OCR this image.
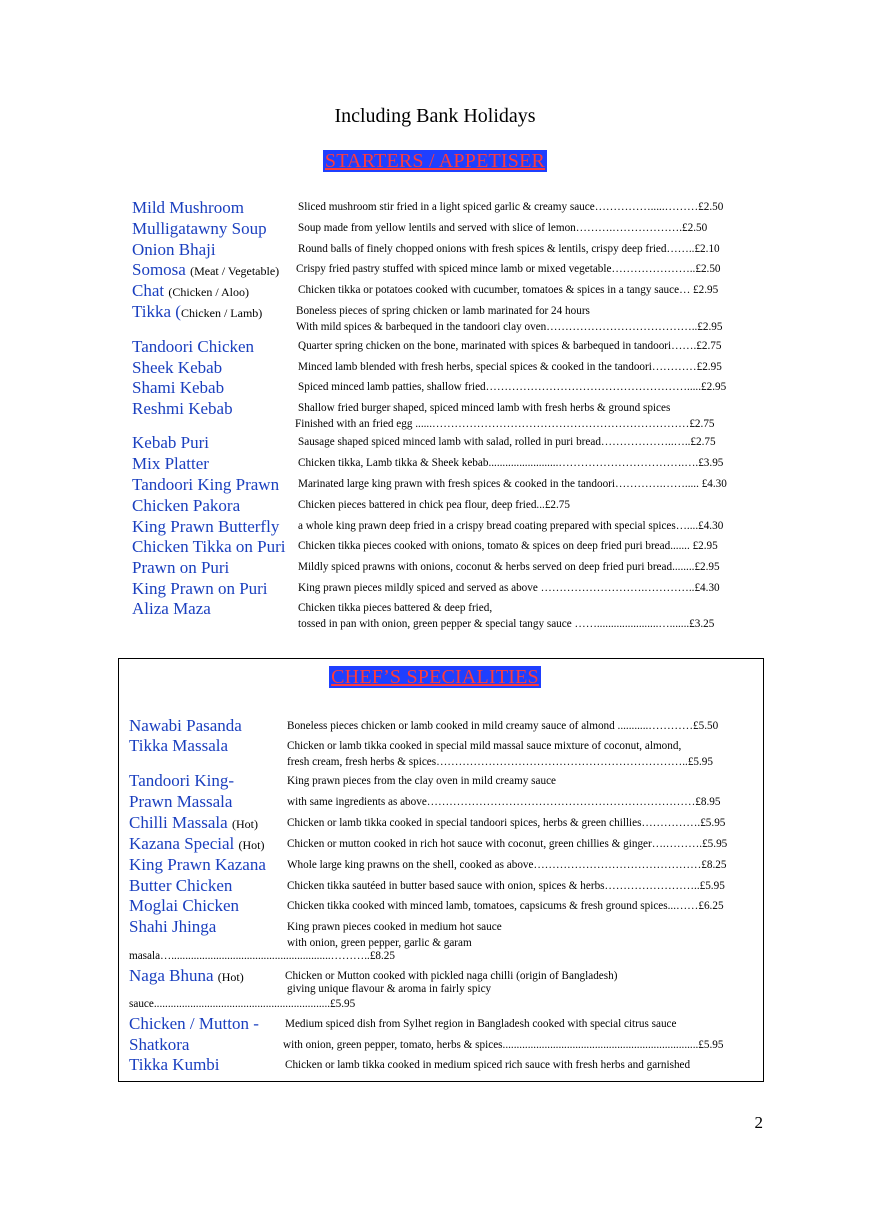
Including Bank Holidays
STARTERS / APPETISER
Mild Mushroom	Sliced mushroom stir fried in a light spiced garlic & creamy sauce…………….....………£2.50
Mulligatawny Soup	Soup made from yellow lentils and served with slice of lemon……….……………….£2.50
Onion Bhaji	Round balls of finely chopped onions with fresh spices & lentils, crispy deep fried……..£2.10
Somosa (Meat / Vegetable) Crispy fried pastry stuffed with spiced mince lamb or mixed vegetable…………………..£2.50
Chat (Chicken / Aloo)	Chicken tikka or potatoes cooked with cucumber, tomatoes & spices in a tangy sauce… £2.95
Tikka (Chicken / Lamb)	Boneless pieces of spring chicken or lamb marinated for 24 hours
With mild spices & barbequed in the tandoori clay oven…………………………………..£2.95
Tandoori Chicken	Quarter spring chicken on the bone, marinated with spices & barbequed in tandoori…….£2.75
Sheek Kebab	Minced lamb blended with fresh herbs, special spices & cooked in the tandoori…………£2.95
Shami Kebab	Spiced minced lamb patties, shallow fried……………………………………………….....£2.95
Reshmi Kebab	Shallow fried burger shaped, spiced minced lamb with fresh herbs & ground spices
Finished with an fried egg ......……………………………………………………………£2.75
Kebab Puri	Sausage shaped spiced minced lamb with salad, rolled in puri bread………………..…..£2.75
Mix Platter	Chicken tikka, Lamb tikka & Sheek kebab.........................…………………………….….£3.95
Tandoori King Prawn Marinated large king prawn with fresh spices & cooked in the tandoori………….……..... £4.30
Chicken Pakora	Chicken pieces battered in chick pea flour, deep fried...£2.75
King Prawn Butterfly a whole king prawn deep fried in a crispy bread coating prepared with special spices…....£4.30
Chicken Tikka on Puri Chicken tikka pieces cooked with onions, tomato & spices on deep fried puri bread....... £2.95
Prawn on Puri	Mildly spiced prawns with onions, coconut & herbs served on deep fried puri bread........£2.95
King Prawn on Puri	King prawn pieces mildly spiced and served as above ……………………….…………..£4.30
Aliza Maza	Chicken tikka pieces battered & deep fried,
tossed in pan with onion, green pepper & special tangy sauce ……......................….......£3.25
CHEF’S SPECIALITIES
Nawabi Pasanda	Boneless pieces chicken or lamb cooked in mild creamy sauce of almond ...........…………£5.50
Tikka Massala	Chicken or lamb tikka cooked in special mild massal sauce mixture of coconut, almond,
fresh cream, fresh herbs & spices…………………………………………………………..£5.95
Tandoori King-	King prawn pieces from the clay oven in mild creamy sauce
Prawn Massala	with same ingredients as above………………………………………………………………£8.95
Chilli Massala (Hot)	Chicken or lamb tikka cooked in special tandoori spices, herbs & green chillies…………….£5.95
Kazana Special (Hot) Chicken or mutton cooked in rich hot sauce with coconut, green chillies & ginger….……….£5.95
King Prawn Kazana Whole large king prawns on the shell, cooked as above………………………………………£8.25
Butter Chicken	Chicken tikka sautéed in butter based sauce with onion, spices & herbs……………………..£5.95
Moglai Chicken	Chicken tikka cooked with minced lamb, tomatoes, capsicums & fresh ground spices...……£6.25
Shahi Jhinga	King prawn pieces cooked in medium hot sauce
with onion, green pepper, garlic & garam
masala….........................................................………..£8.25
Naga Bhuna (Hot)	Chicken or Mutton cooked with pickled naga chilli (origin of Bangladesh)
giving unique flavour & aroma in fairly spicy
sauce...............................................................£5.95
Chicken / Mutton - Medium spiced dish from Sylhet region in Bangladesh cooked with special citrus sauce
Shatkora	with onion, green pepper, tomato, herbs & spices......................................................................£5.95
Tikka Kumbi	Chicken or lamb tikka cooked in medium spiced rich sauce with fresh herbs and garnished
2
